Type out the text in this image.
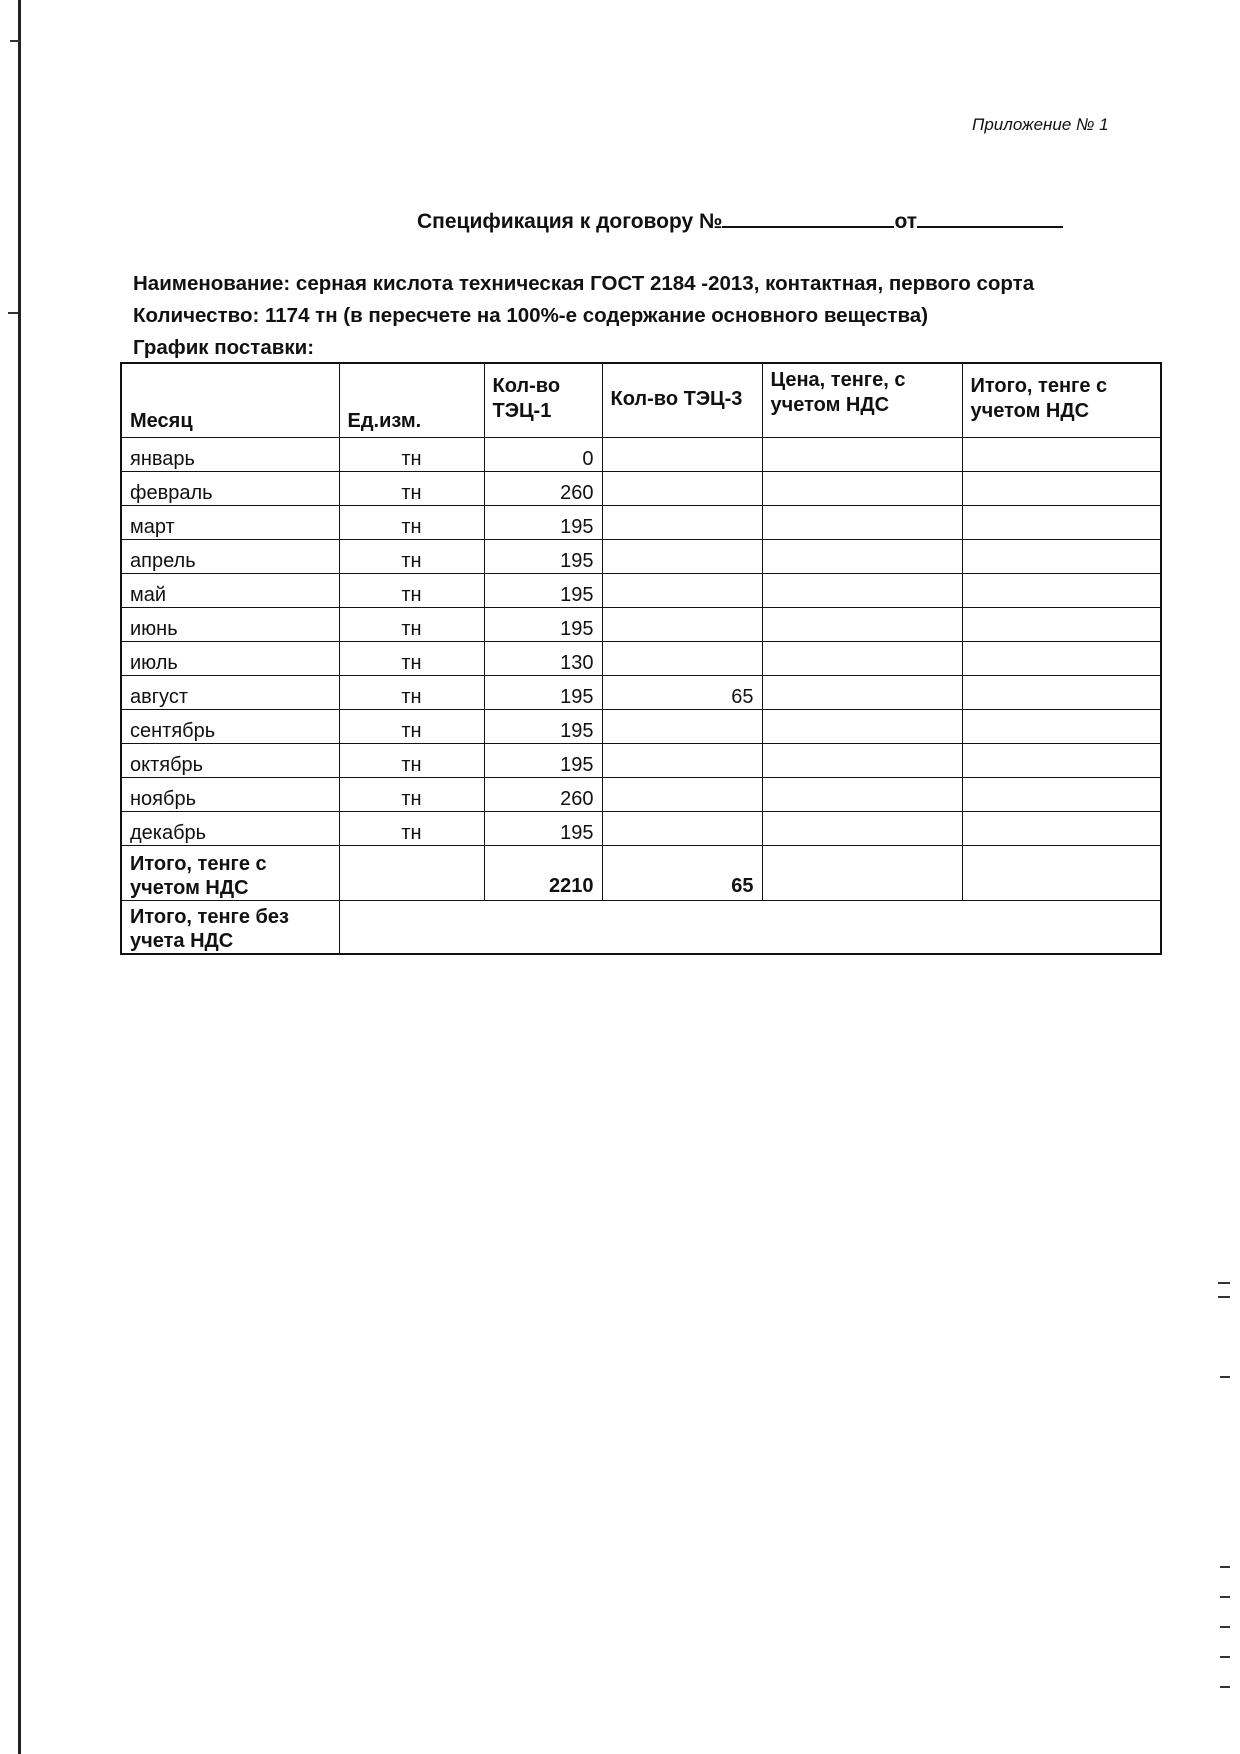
Приложение № 1
Спецификация к договору №	от
Наименование: серная кислота техническая ГОСТ 2184 -2013, контактная, первого сорта
Количество: 1174 тн (в пересчете на 100%-е содержание основного вещества)
График поставки:
Месяц	Ед.изм.	Кол-во ТЭЦ-1	Кол-во ТЭЦ-3	Цена, тенге, с учетом НДС	Итого, тенге с учетом НДС
январь	тн	0			
февраль	тн	260			
март	тн	195			
апрель	тн	195			
май	тн	195			
июнь	тн	195			
июль	тн	130			
август	тн	195	65		
сентябрь	тн	195			
октябрь	тн	195			
ноябрь	тн	260			
декабрь	тн	195			
Итого, тенге с учетом НДС		2210	65		
Итого, тенге без учета НДС					
